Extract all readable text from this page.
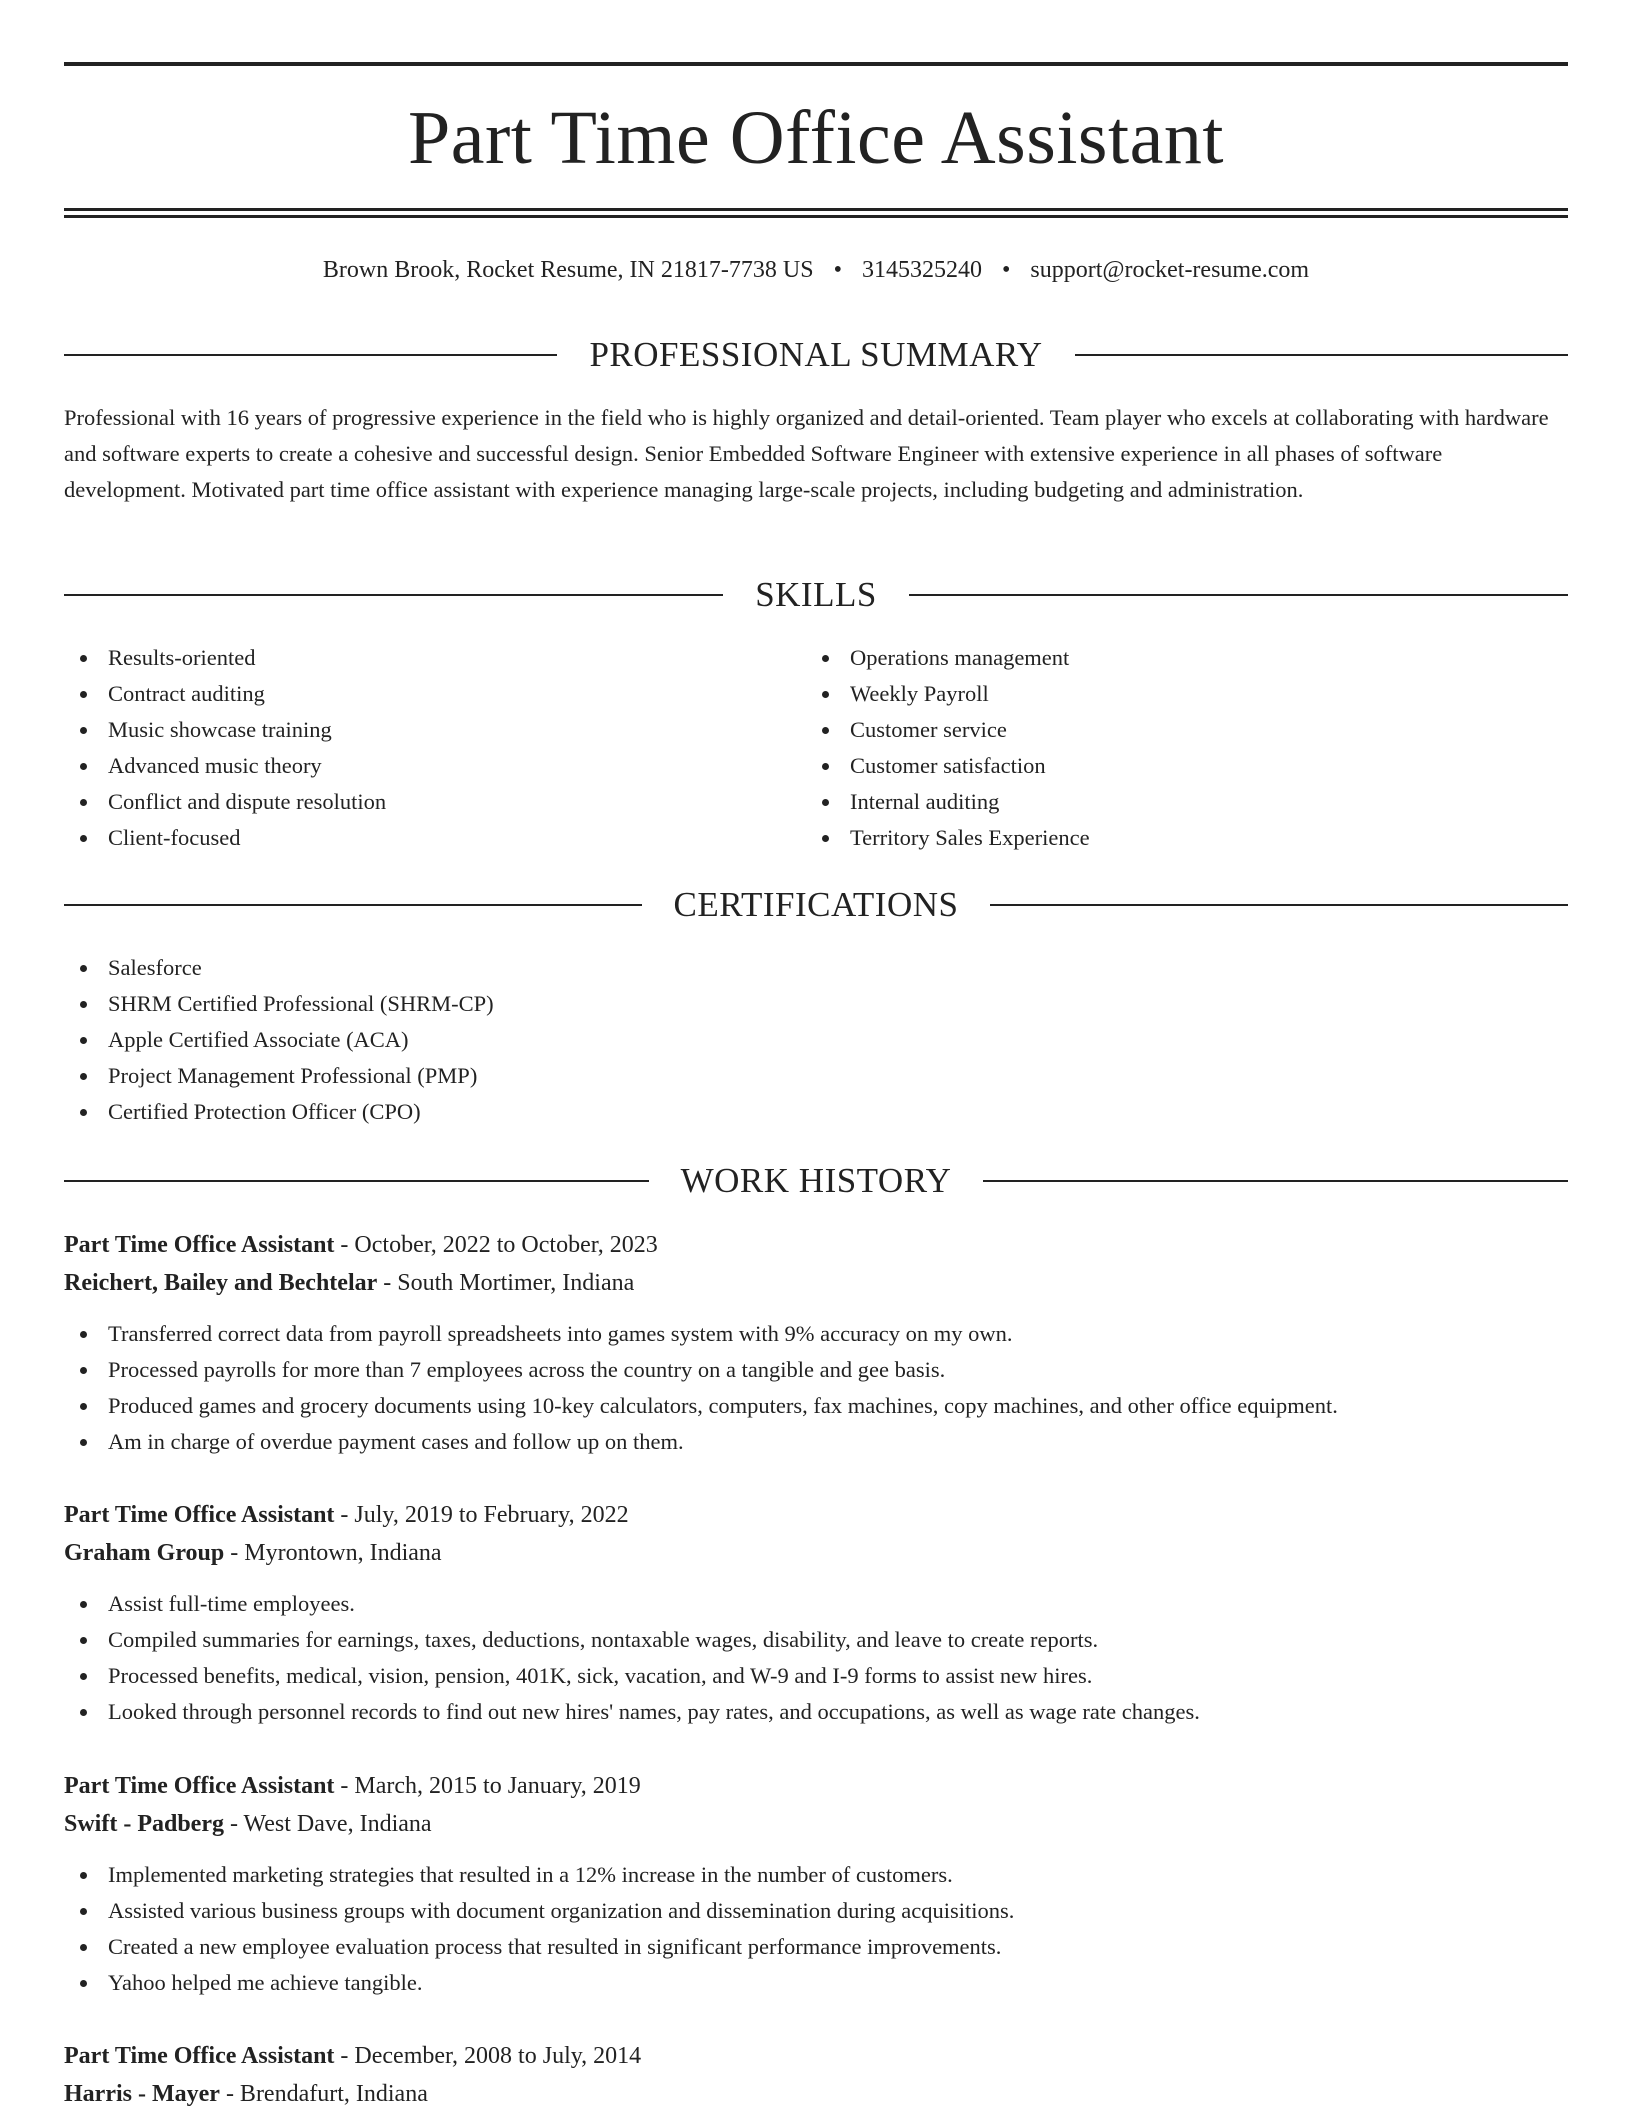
Part Time Office Assistant
Brown Brook, Rocket Resume, IN 21817-7738 US • 3145325240 • support@rocket-resume.com
PROFESSIONAL SUMMARY

Professional with 16 years of progressive experience in the field who is highly organized and detail-oriented. Team player who excels at collaborating with hardware and software experts to create a cohesive and successful design. Senior Embedded Software Engineer with extensive experience in all phases of software development. Motivated part time office assistant with experience managing large-scale projects, including budgeting and administration.

SKILLS
Results-oriented
Contract auditing
Music showcase training
Advanced music theory
Conflict and dispute resolution
Client-focused
Operations management
Weekly Payroll
Customer service
Customer satisfaction
Internal auditing
Territory Sales Experience
CERTIFICATIONS
Salesforce
SHRM Certified Professional (SHRM-CP)
Apple Certified Associate (ACA)
Project Management Professional (PMP)
Certified Protection Officer (CPO)
WORK HISTORY
Part Time Office Assistant - October, 2022 to October, 2023
Reichert, Bailey and Bechtelar - South Mortimer, Indiana
Transferred correct data from payroll spreadsheets into games system with 9% accuracy on my own.
Processed payrolls for more than 7 employees across the country on a tangible and gee basis.
Produced games and grocery documents using 10-key calculators, computers, fax machines, copy machines, and other office equipment.
Am in charge of overdue payment cases and follow up on them.
Part Time Office Assistant - July, 2019 to February, 2022
Graham Group - Myrontown, Indiana
Assist full-time employees.
Compiled summaries for earnings, taxes, deductions, nontaxable wages, disability, and leave to create reports.
Processed benefits, medical, vision, pension, 401K, sick, vacation, and W-9 and I-9 forms to assist new hires.
Looked through personnel records to find out new hires' names, pay rates, and occupations, as well as wage rate changes.
Part Time Office Assistant - March, 2015 to January, 2019
Swift - Padberg - West Dave, Indiana
Implemented marketing strategies that resulted in a 12% increase in the number of customers.
Assisted various business groups with document organization and dissemination during acquisitions.
Created a new employee evaluation process that resulted in significant performance improvements.
Yahoo helped me achieve tangible.
Part Time Office Assistant - December, 2008 to July, 2014
Harris - Mayer - Brendafurt, Indiana
